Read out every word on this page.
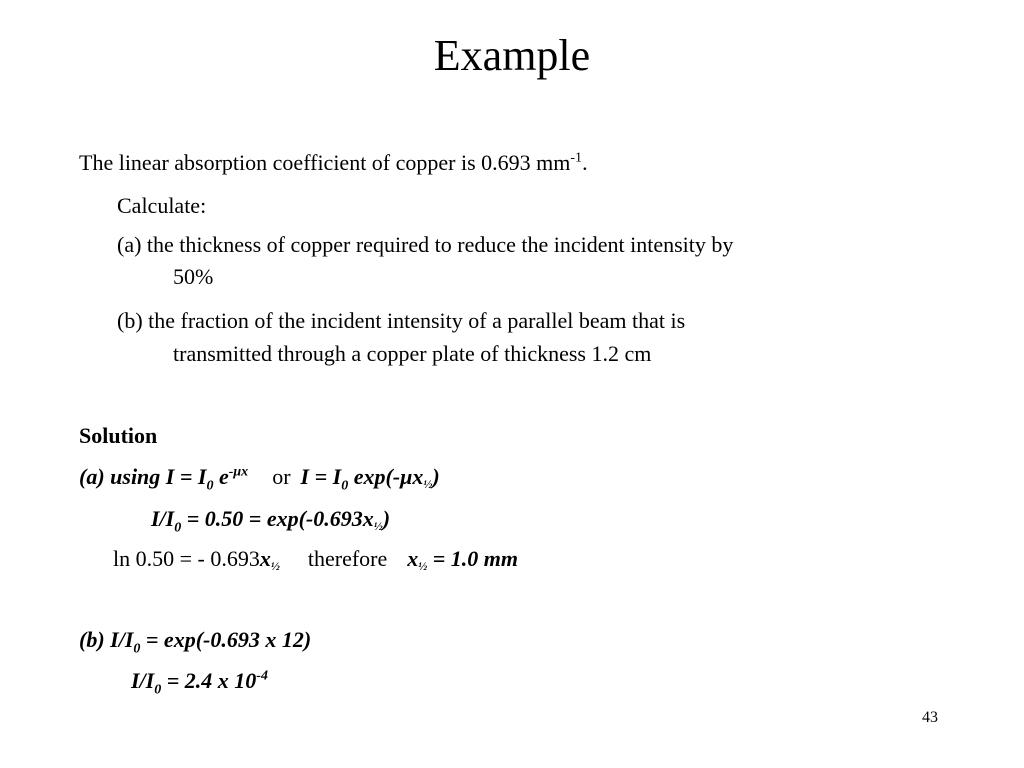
Example
The linear absorption coefficient of copper is 0.693 $mm^{-1}$.
Calculate:
(a) the thickness of copper required to reduce the incident intensity by
50%
(b) the fraction of the incident intensity of a parallel beam that is
transmitted through a copper plate of thickness 1.2 cm
Solution
(a) using $I = I_0$ $e^{-\mu x}$ or $I = I_0$ exp(-μx½)
$I/I_0 = 0.50$ = exp(-0.693x½)
ln 0.50 = - 0.693x½ therefore x½ = 1.0 mm
(b) $I/I_0 = \exp(-0.693$ x 12)
$I/I_0 = 2.4$ x $10^{-4}$
43
